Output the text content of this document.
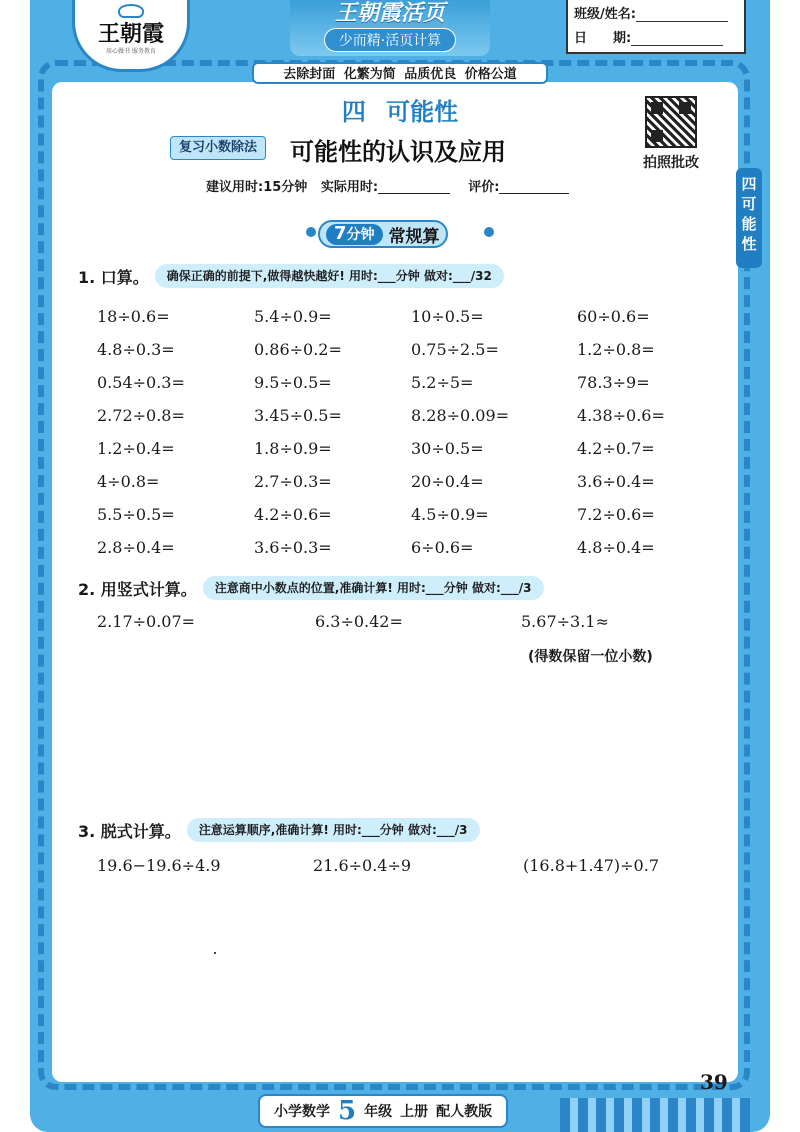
王朝霞
用心做书 服务教育
王朝霞活页
少而精·活页计算
班级/姓名:
日　　期:
去除封面 化繁为简 品质优良 价格公道
四
可
能
性
四 可能性
拍照批改
复习小数除法	可能性的认识及应用
建议用时:15分钟 实际用时:	评价:
7分钟 常规算
1. 口算。	确保正确的前提下,做得越快越好! 用时:___分钟 做对:___/32
18÷0.6=	5.4÷0.9=	10÷0.5=	60÷0.6=
4.8÷0.3=	0.86÷0.2=	0.75÷2.5=	1.2÷0.8=
0.54÷0.3=	9.5÷0.5=	5.2÷5=	78.3÷9=
2.72÷0.8=	3.45÷0.5=	8.28÷0.09=	4.38÷0.6=
1.2÷0.4=	1.8÷0.9=	30÷0.5=	4.2÷0.7=
4÷0.8=	2.7÷0.3=	20÷0.4=	3.6÷0.4=
5.5÷0.5=	4.2÷0.6=	4.5÷0.9=	7.2÷0.6=
2.8÷0.4=	3.6÷0.3=	6÷0.6=	4.8÷0.4=
2. 用竖式计算。	注意商中小数点的位置,准确计算! 用时:___分钟 做对:___/3
2.17÷0.07=	6.3÷0.42=	5.67÷3.1≈
(得数保留一位小数)
3. 脱式计算。	注意运算顺序,准确计算! 用时:___分钟 做对:___/3
19.6−19.6÷4.9	21.6÷0.4÷9	(16.8+1.47)÷0.7
小学数学 5 年级 上册 配人教版
39
